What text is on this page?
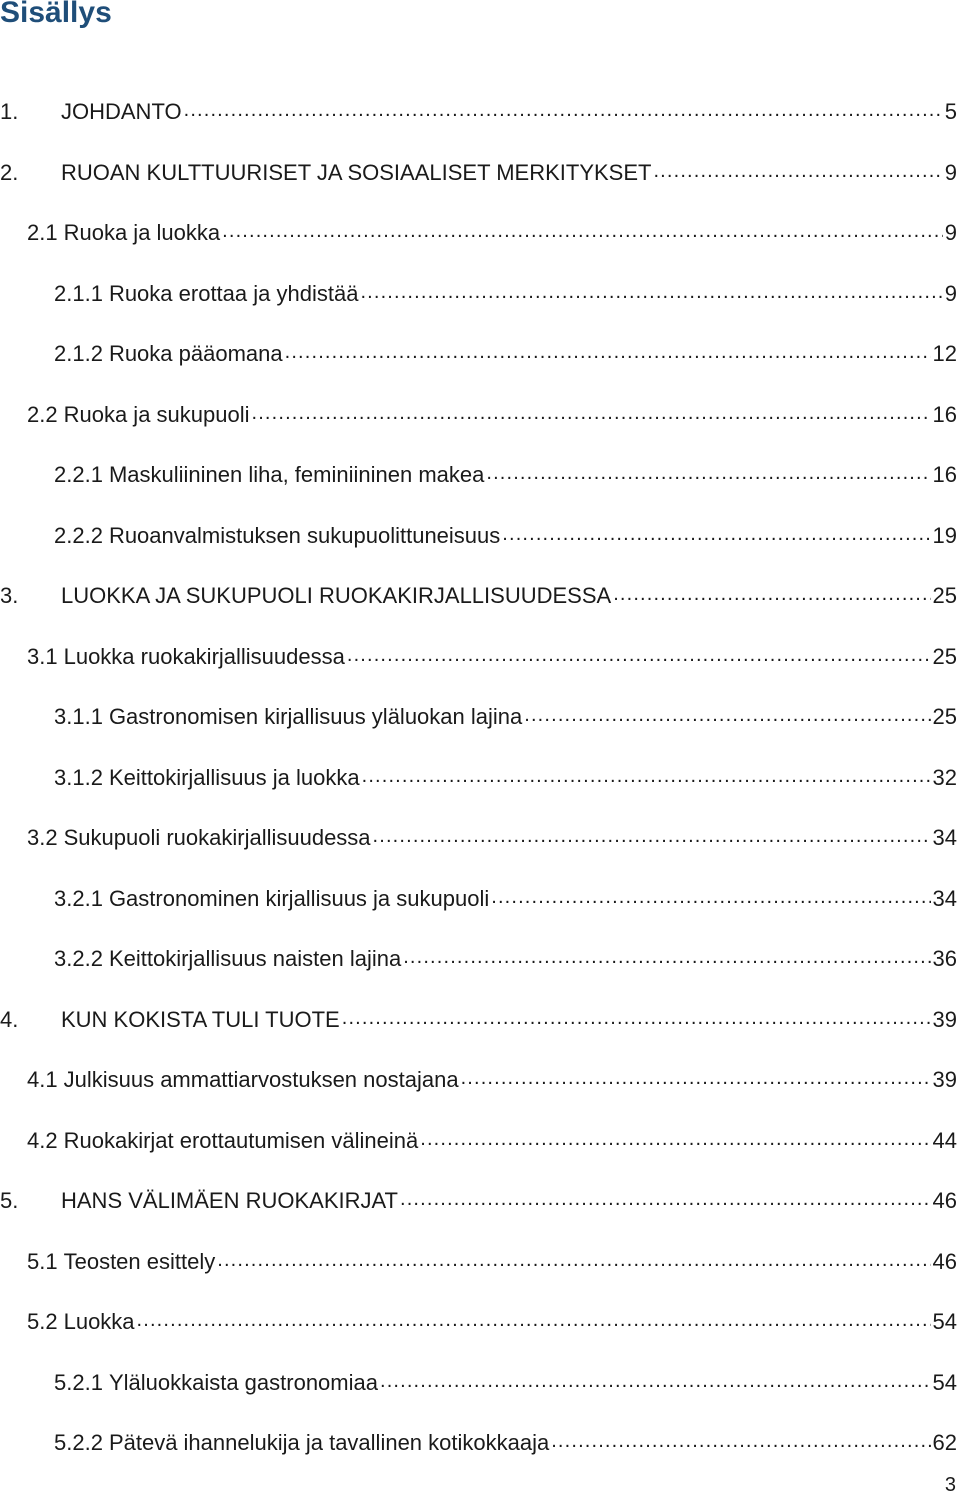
Sisällys
1.	JOHDANTO . . .	5
2.	RUOAN KULTTUURISET JA SOSIAALISET MERKITYKSET . . .	9
2.1 Ruoka ja luokka . . .	9
2.1.1 Ruoka erottaa ja yhdistää . . .	9
2.1.2 Ruoka pääomana . . .	12
2.2 Ruoka ja sukupuoli . . .	16
2.2.1 Maskuliininen liha, feminiininen makea . . .	16
2.2.2 Ruoanvalmistuksen sukupuolittuneisuus . . .	19
3.	LUOKKA JA SUKUPUOLI RUOKAKIRJALLISUUDESSA . . .	25
3.1 Luokka ruokakirjallisuudessa . . .	25
3.1.1 Gastronomisen kirjallisuus yläluokan lajina . . .	25
3.1.2 Keittokirjallisuus ja luokka . . .	32
3.2 Sukupuoli ruokakirjallisuudessa . . .	34
3.2.1 Gastronominen kirjallisuus ja sukupuoli . . .	34
3.2.2 Keittokirjallisuus naisten lajina . . .	36
4.	KUN KOKISTA TULI TUOTE . . .	39
4.1 Julkisuus ammattiarvostuksen nostajana . . .	39
4.2 Ruokakirjat erottautumisen välineinä . . .	44
5.	HANS VÄLIMÄEN RUOKAKIRJAT . . .	46
5.1 Teosten esittely . . .	46
5.2 Luokka . . .	54
5.2.1 Yläluokkaista gastronomiaa . . .	54
5.2.2 Pätevä ihannelukija ja tavallinen kotikokkaaja . . .	62
3
